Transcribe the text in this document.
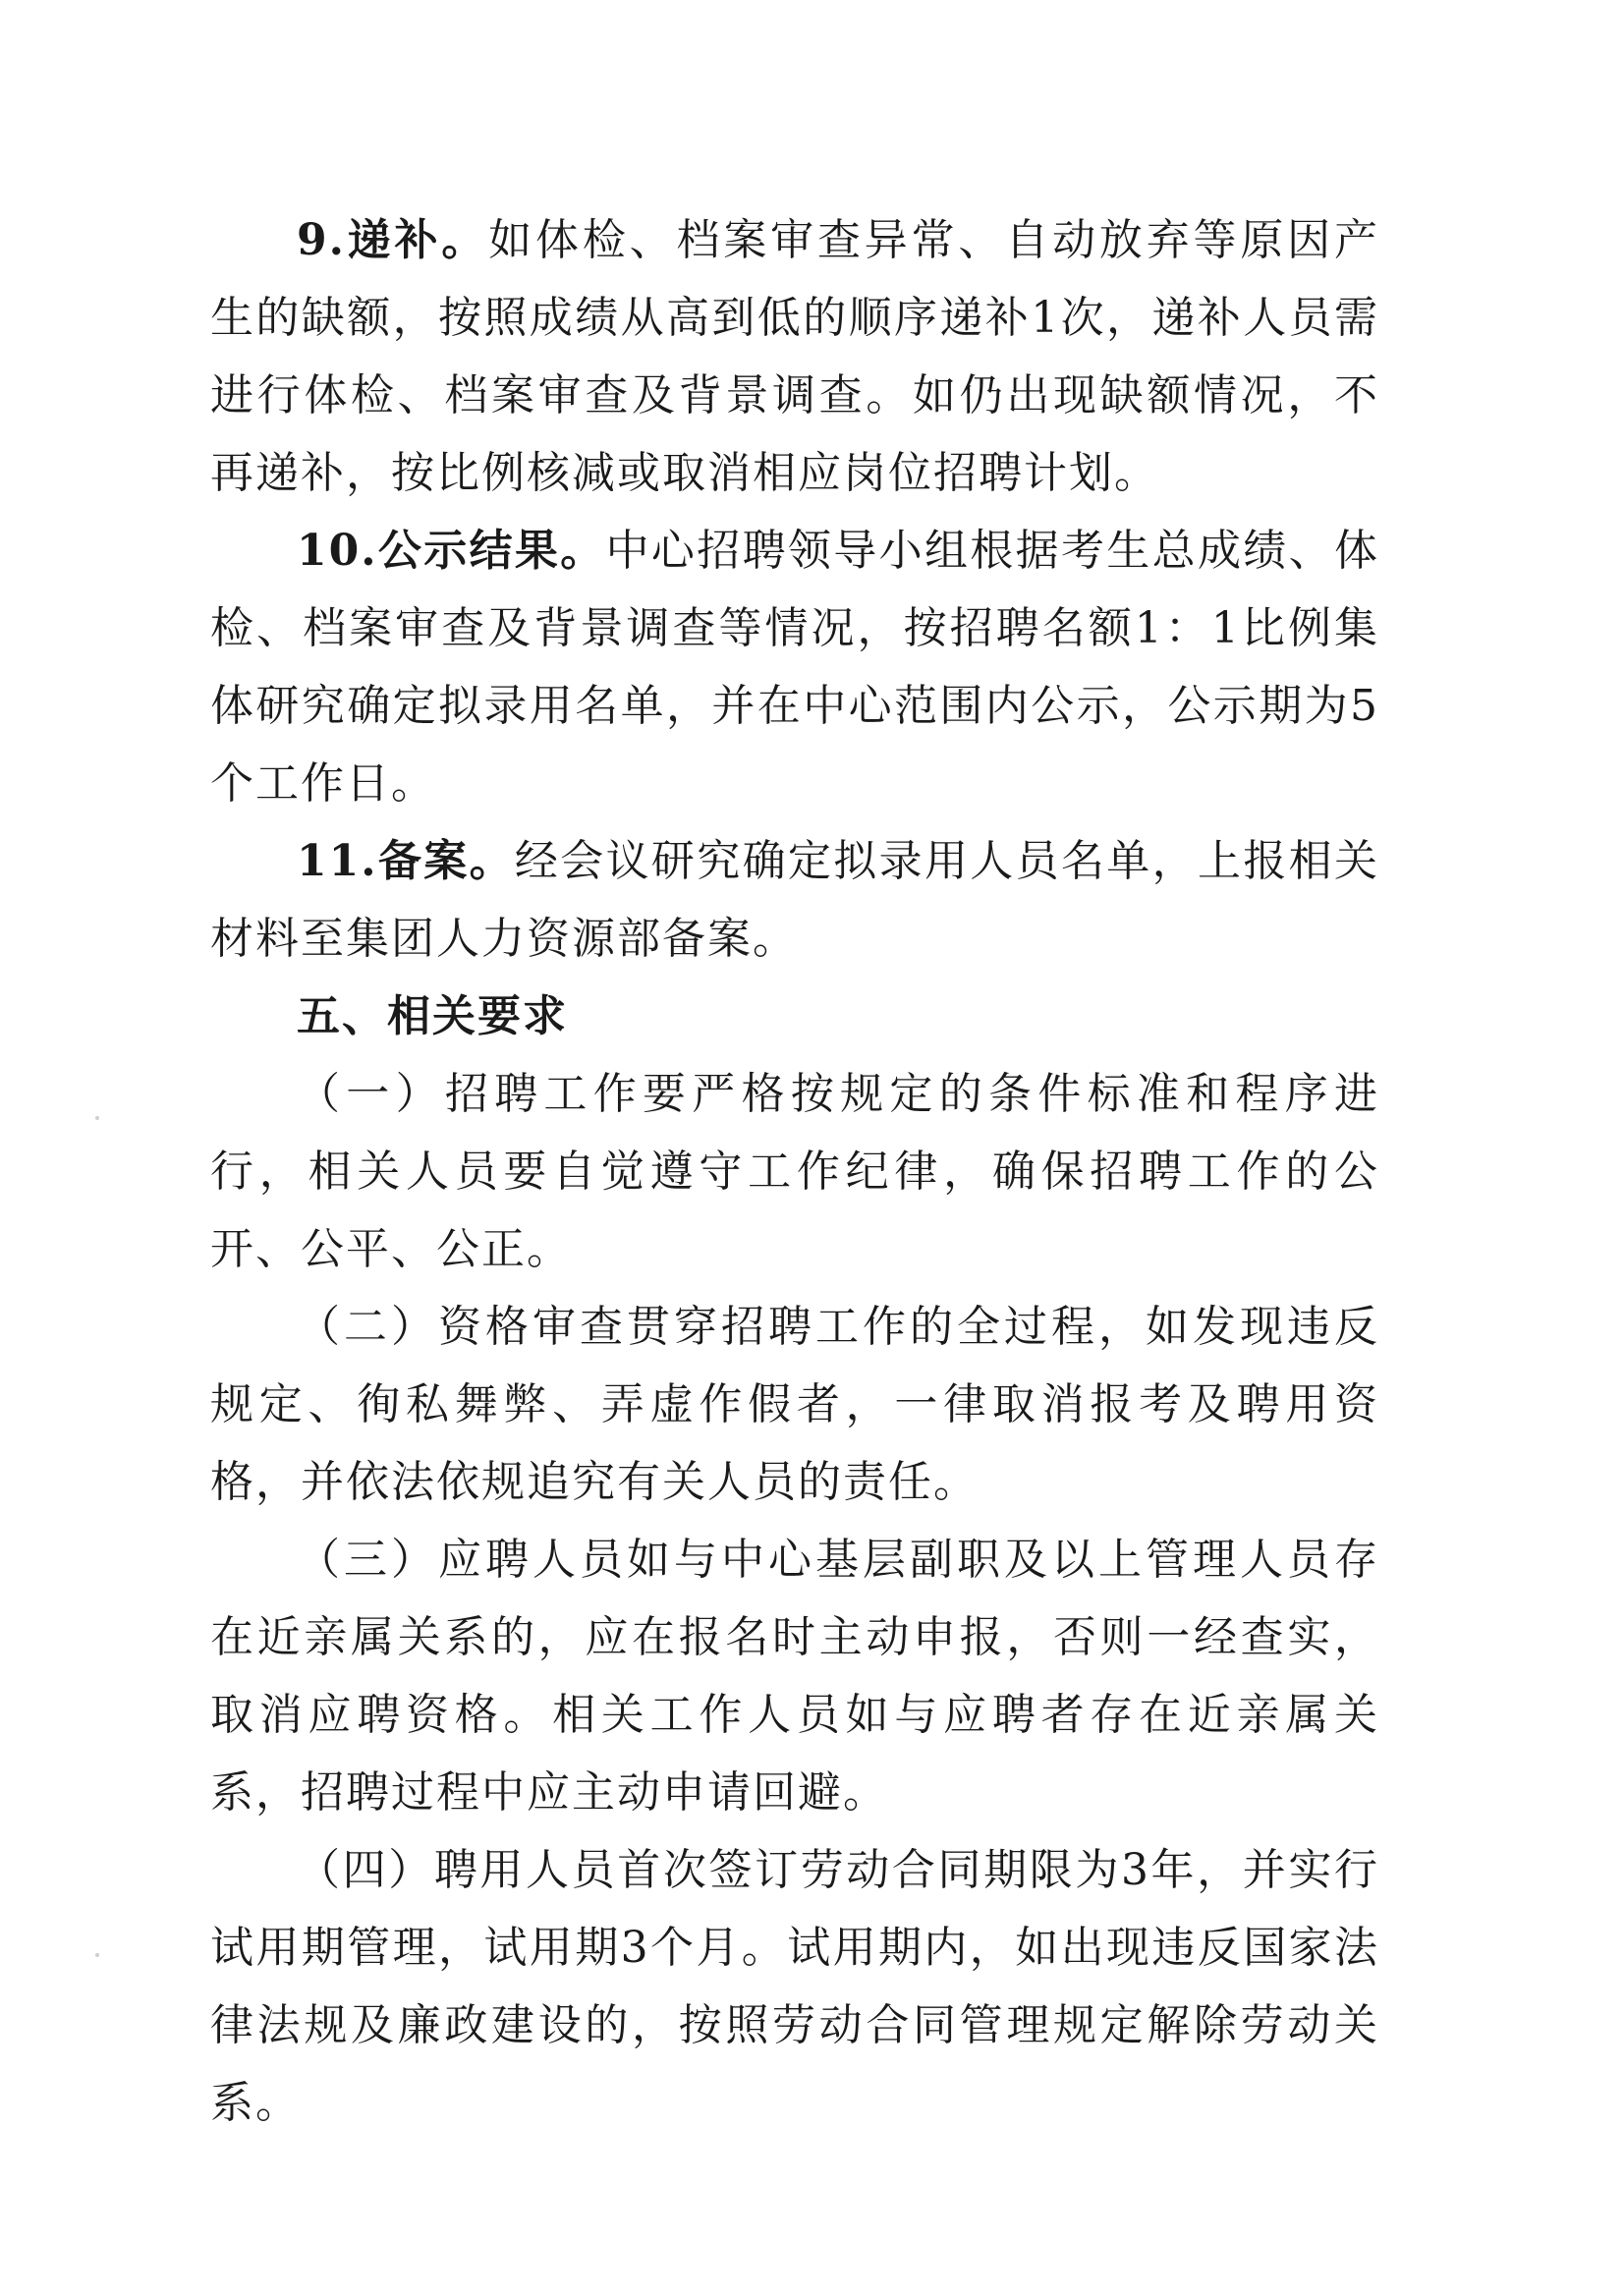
9.递补。如体检、档案审查异常、自动放弃等原因产生的缺额，按照成绩从高到低的顺序递补1次，递补人员需进行体检、档案审查及背景调查。如仍出现缺额情况，不再递补，按比例核减或取消相应岗位招聘计划。

10.公示结果。中心招聘领导小组根据考生总成绩、体检、档案审查及背景调查等情况，按招聘名额1：1比例集体研究确定拟录用名单，并在中心范围内公示，公示期为5个工作日。

11.备案。经会议研究确定拟录用人员名单，上报相关材料至集团人力资源部备案。

五、相关要求

（一）招聘工作要严格按规定的条件标准和程序进行，相关人员要自觉遵守工作纪律，确保招聘工作的公开、公平、公正。

（二）资格审查贯穿招聘工作的全过程，如发现违反规定、徇私舞弊、弄虚作假者，一律取消报考及聘用资格，并依法依规追究有关人员的责任。

（三）应聘人员如与中心基层副职及以上管理人员存在近亲属关系的，应在报名时主动申报，否则一经查实，取消应聘资格。相关工作人员如与应聘者存在近亲属关系，招聘过程中应主动申请回避。

（四）聘用人员首次签订劳动合同期限为3年，并实行试用期管理，试用期3个月。试用期内，如出现违反国家法律法规及廉政建设的，按照劳动合同管理规定解除劳动关系。
